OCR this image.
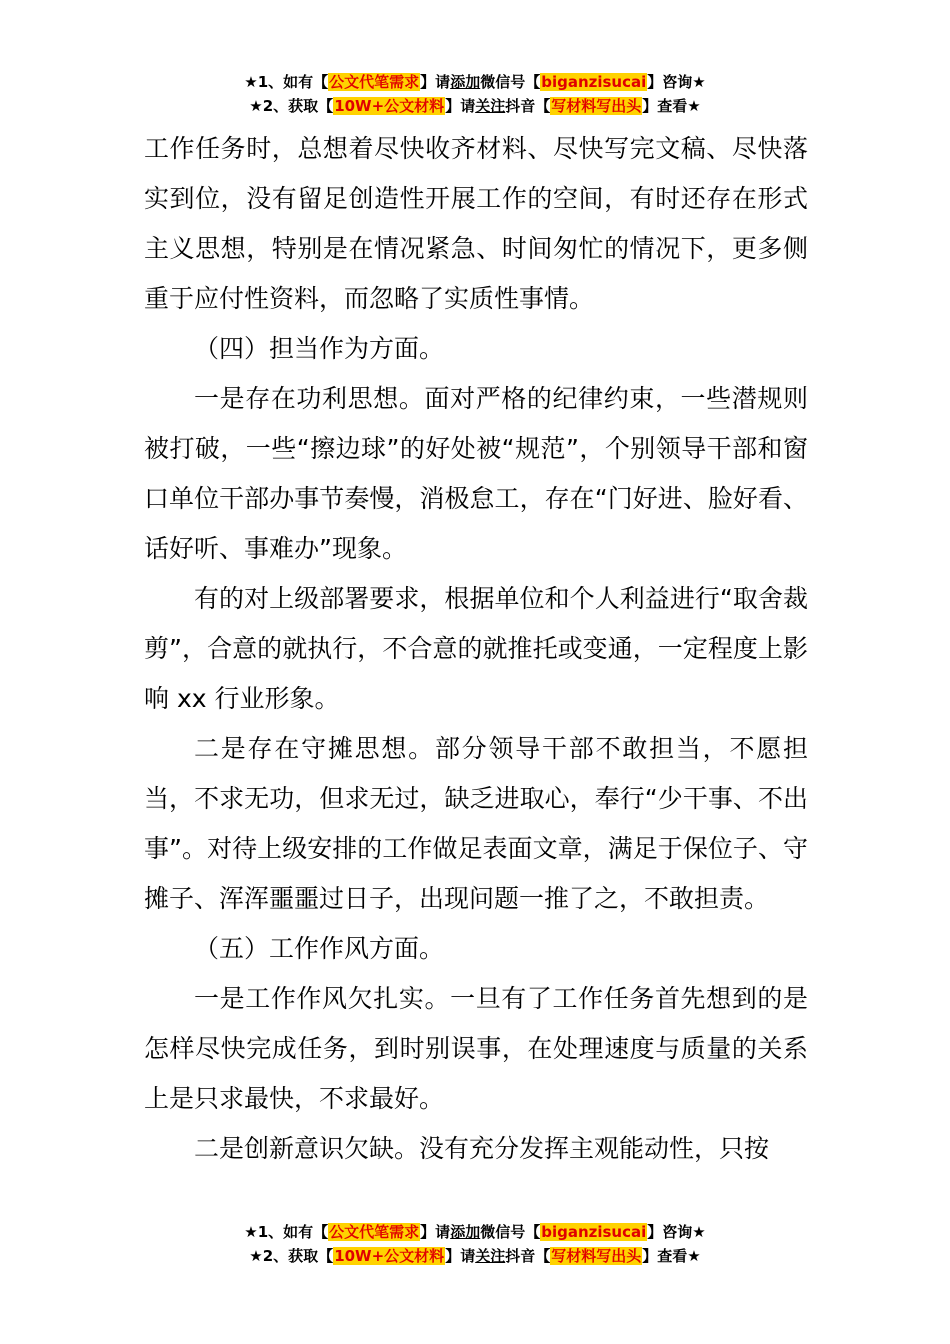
★1、如有【公文代笔需求】请添加微信号【biganzisucai】咨询★
★2、获取【10W+公文材料】请关注抖音【写材料写出头】查看★

工作任务时，总想着尽快收齐材料、尽快写完文稿、尽快落实到位，没有留足创造性开展工作的空间，有时还存在形式主义思想，特别是在情况紧急、时间匆忙的情况下，更多侧重于应付性资料，而忽略了实质性事情。

（四）担当作为方面。

一是存在功利思想。面对严格的纪律约束，一些潜规则被打破，一些“擦边球”的好处被“规范”，个别领导干部和窗口单位干部办事节奏慢，消极怠工，存在“门好进、脸好看、话好听、事难办”现象。

有的对上级部署要求，根据单位和个人利益进行“取舍裁剪”，合意的就执行，不合意的就推托或变通，一定程度上影响 xx 行业形象。

二是存在守摊思想。部分领导干部不敢担当，不愿担当，不求无功，但求无过，缺乏进取心，奉行“少干事、不出事”。对待上级安排的工作做足表面文章，满足于保位子、守摊子、浑浑噩噩过日子，出现问题一推了之，不敢担责。

（五）工作作风方面。

一是工作作风欠扎实。一旦有了工作任务首先想到的是怎样尽快完成任务，到时别误事，在处理速度与质量的关系上是只求最快，不求最好。

二是创新意识欠缺。没有充分发挥主观能动性，只按

★1、如有【公文代笔需求】请添加微信号【biganzisucai】咨询★
★2、获取【10W+公文材料】请关注抖音【写材料写出头】查看★
